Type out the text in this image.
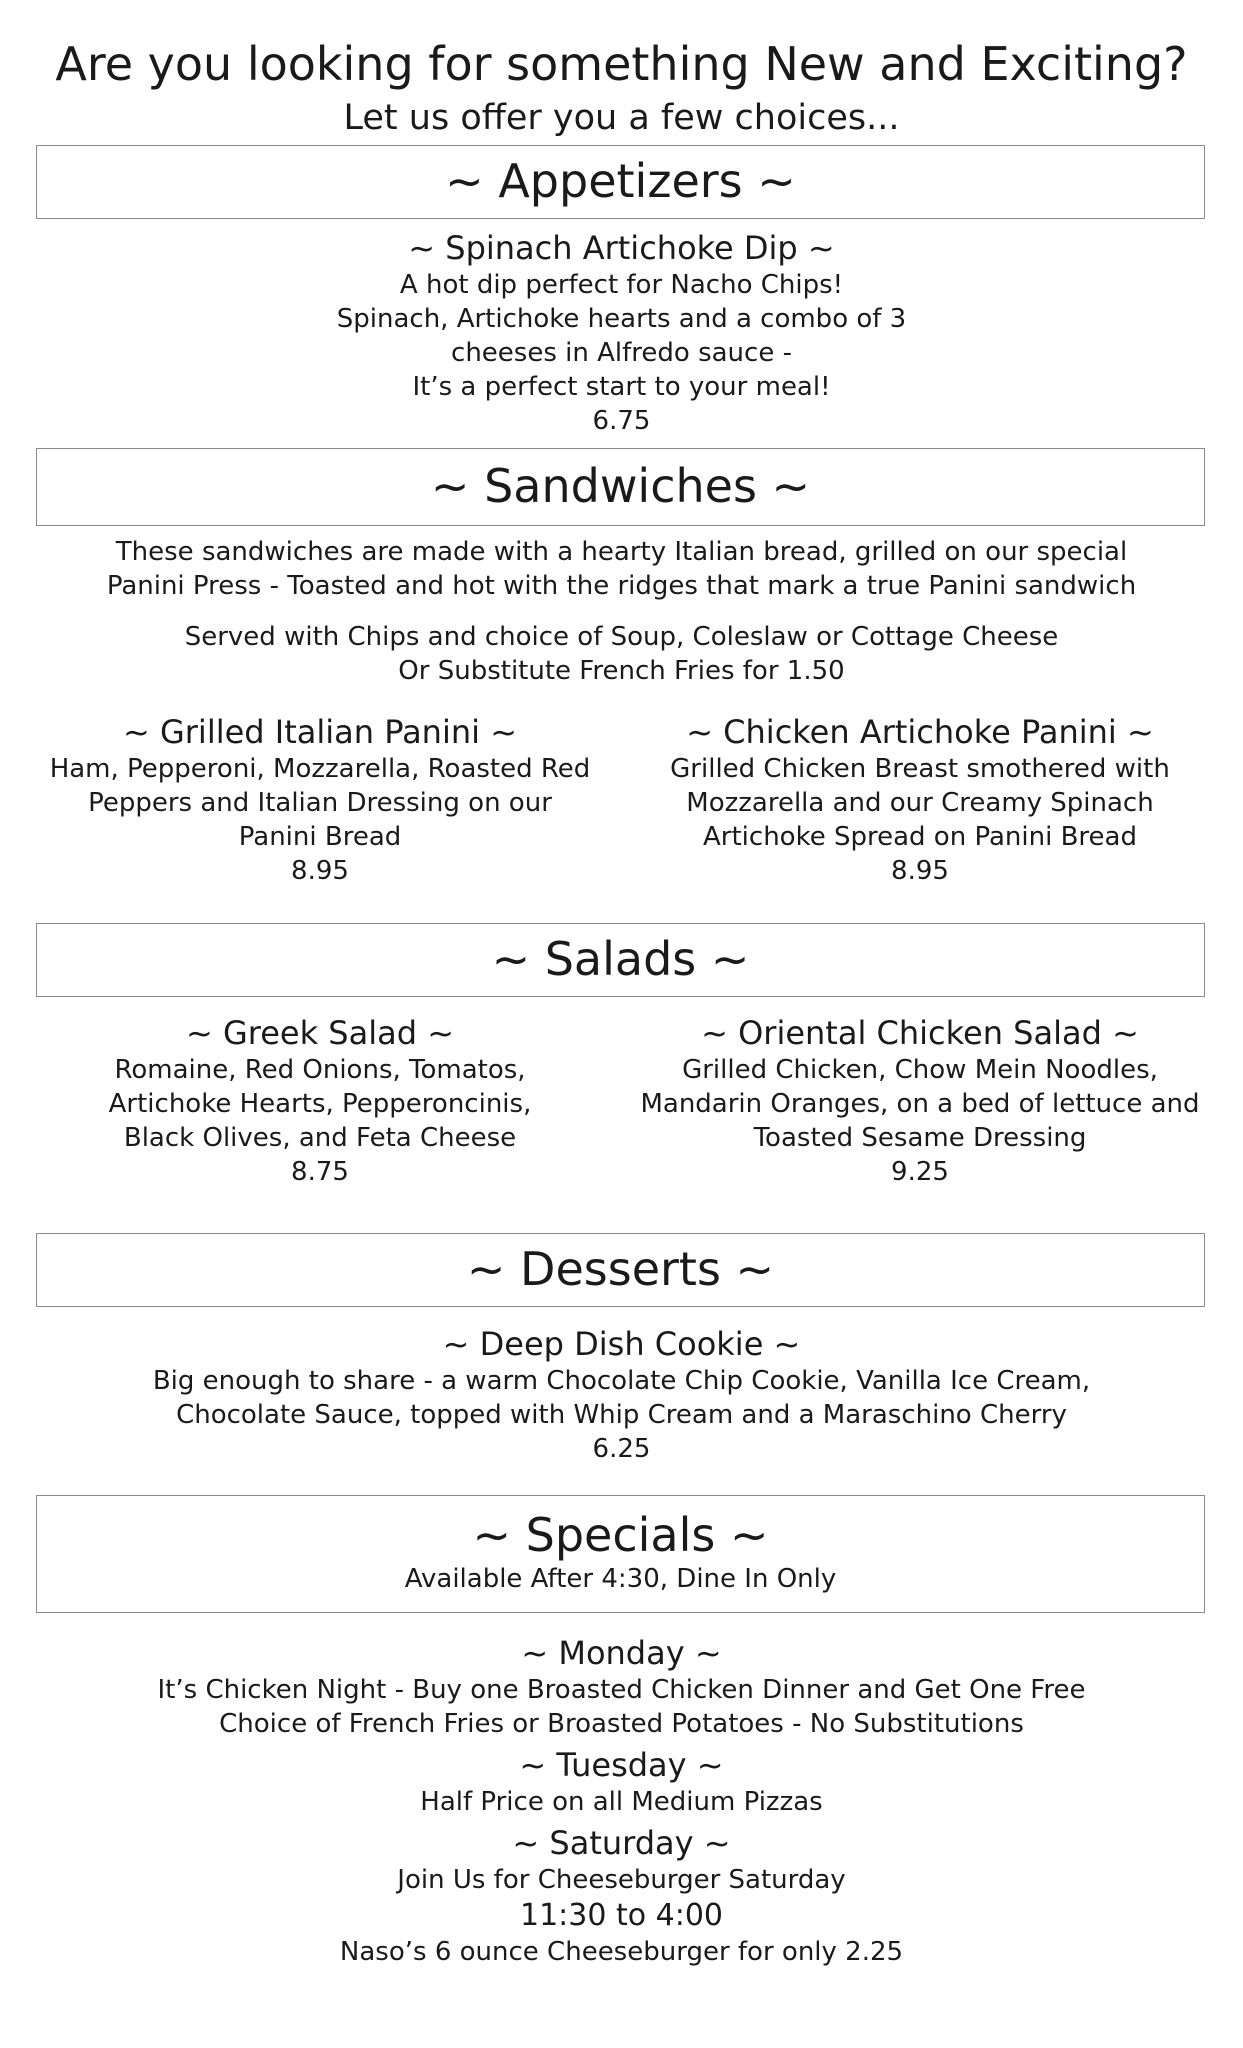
Are you looking for something New and Exciting?
Let us offer you a few choices...
~ Appetizers ~
~ Spinach Artichoke Dip ~
A hot dip perfect for Nacho Chips!
Spinach, Artichoke hearts and a combo of 3
cheeses in Alfredo sauce -
It’s a perfect start to your meal!
6.75
~ Sandwiches ~
These sandwiches are made with a hearty Italian bread, grilled on our special
Panini Press - Toasted and hot with the ridges that mark a true Panini sandwich
Served with Chips and choice of Soup, Coleslaw or Cottage Cheese
Or Substitute French Fries for 1.50
~ Grilled Italian Panini ~
Ham, Pepperoni, Mozzarella, Roasted Red
Peppers and Italian Dressing on our
Panini Bread
8.95
~ Chicken Artichoke Panini ~
Grilled Chicken Breast smothered with
Mozzarella and our Creamy Spinach
Artichoke Spread on Panini Bread
8.95
~ Salads ~
~ Greek Salad ~
Romaine, Red Onions, Tomatos,
Artichoke Hearts, Pepperoncinis,
Black Olives, and Feta Cheese
8.75
~ Oriental Chicken Salad ~
Grilled Chicken, Chow Mein Noodles,
Mandarin Oranges, on a bed of lettuce and
Toasted Sesame Dressing
9.25
~ Desserts ~
~ Deep Dish Cookie ~
Big enough to share - a warm Chocolate Chip Cookie, Vanilla Ice Cream,
Chocolate Sauce, topped with Whip Cream and a Maraschino Cherry
6.25
~ Specials ~
Available After 4:30, Dine In Only
~ Monday ~
It’s Chicken Night - Buy one Broasted Chicken Dinner and Get One Free
Choice of French Fries or Broasted Potatoes - No Substitutions
~ Tuesday ~
Half Price on all Medium Pizzas
~ Saturday ~
Join Us for Cheeseburger Saturday
11:30 to 4:00
Naso’s 6 ounce Cheeseburger for only 2.25
